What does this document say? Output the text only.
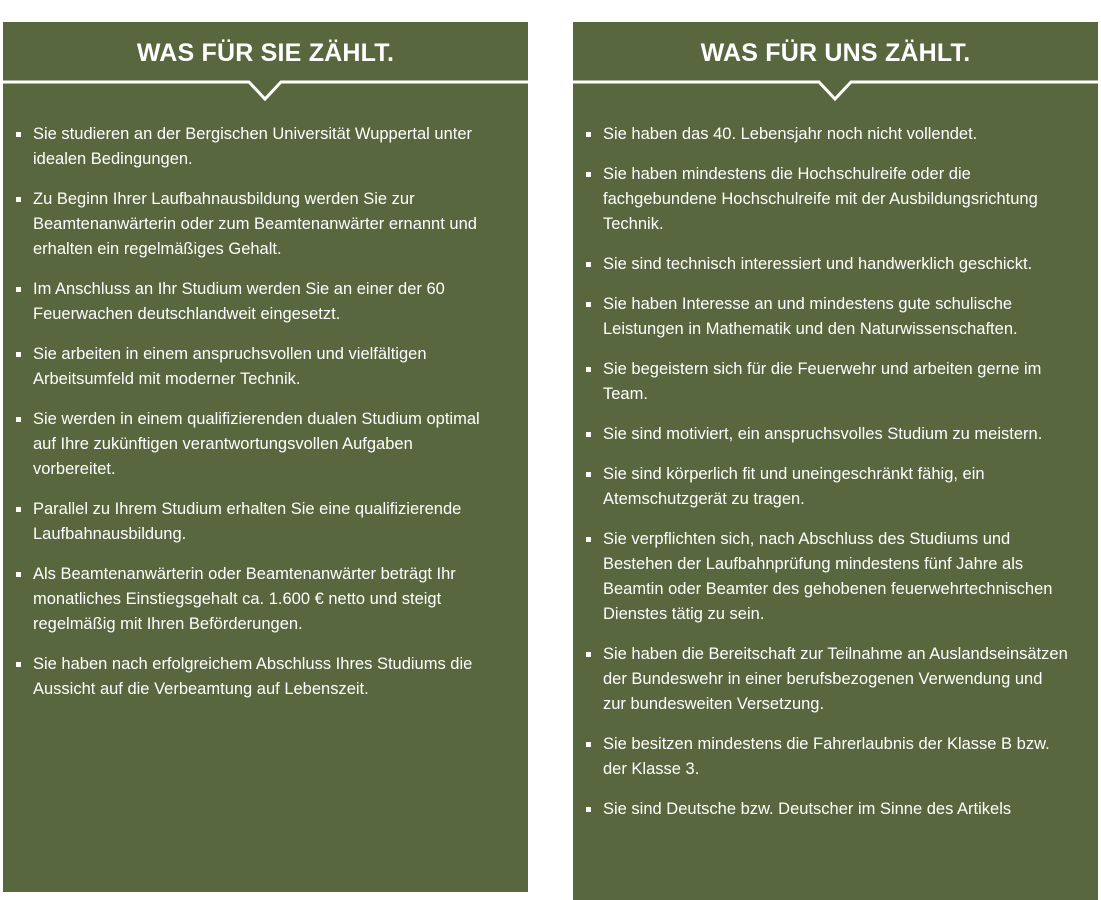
WAS FÜR SIE ZÄHLT.
Sie studieren an der Bergischen Universität Wuppertal unter idealen Bedingungen.
Zu Beginn Ihrer Laufbahnausbildung werden Sie zur Beamtenanwärterin oder zum Beamtenanwärter ernannt und erhalten ein regelmäßiges Gehalt.
Im Anschluss an Ihr Studium werden Sie an einer der 60 Feuerwachen deutschlandweit eingesetzt.
Sie arbeiten in einem anspruchsvollen und vielfältigen Arbeitsumfeld mit moderner Technik.
Sie werden in einem qualifizierenden dualen Studium optimal auf Ihre zukünftigen verantwortungsvollen Aufgaben vorbereitet.
Parallel zu Ihrem Studium erhalten Sie eine qualifizierende Laufbahnausbildung.
Als Beamtenanwärterin oder Beamtenanwärter beträgt Ihr monatliches Einstiegsgehalt ca. 1.600 € netto und steigt regelmäßig mit Ihren Beförderungen.
Sie haben nach erfolgreichem Abschluss Ihres Studiums die Aussicht auf die Verbeamtung auf Lebenszeit.
WAS FÜR UNS ZÄHLT.
Sie haben das 40. Lebensjahr noch nicht vollendet.
Sie haben mindestens die Hochschulreife oder die fachgebundene Hochschulreife mit der Ausbildungsrichtung Technik.
Sie sind technisch interessiert und handwerklich geschickt.
Sie haben Interesse an und mindestens gute schulische Leistungen in Mathematik und den Naturwissenschaften.
Sie begeistern sich für die Feuerwehr und arbeiten gerne im Team.
Sie sind motiviert, ein anspruchsvolles Studium zu meistern.
Sie sind körperlich fit und uneingeschränkt fähig, ein Atemschutzgerät zu tragen.
Sie verpflichten sich, nach Abschluss des Studiums und Bestehen der Laufbahnprüfung mindestens fünf Jahre als Beamtin oder Beamter des gehobenen feuerwehrtechnischen Dienstes tätig zu sein.
Sie haben die Bereitschaft zur Teilnahme an Auslandseinsätzen der Bundeswehr in einer berufsbezogenen Verwendung und zur bundesweiten Versetzung.
Sie besitzen mindestens die Fahrerlaubnis der Klasse B bzw. der Klasse 3.
Sie sind Deutsche bzw. Deutscher im Sinne des Artikels
